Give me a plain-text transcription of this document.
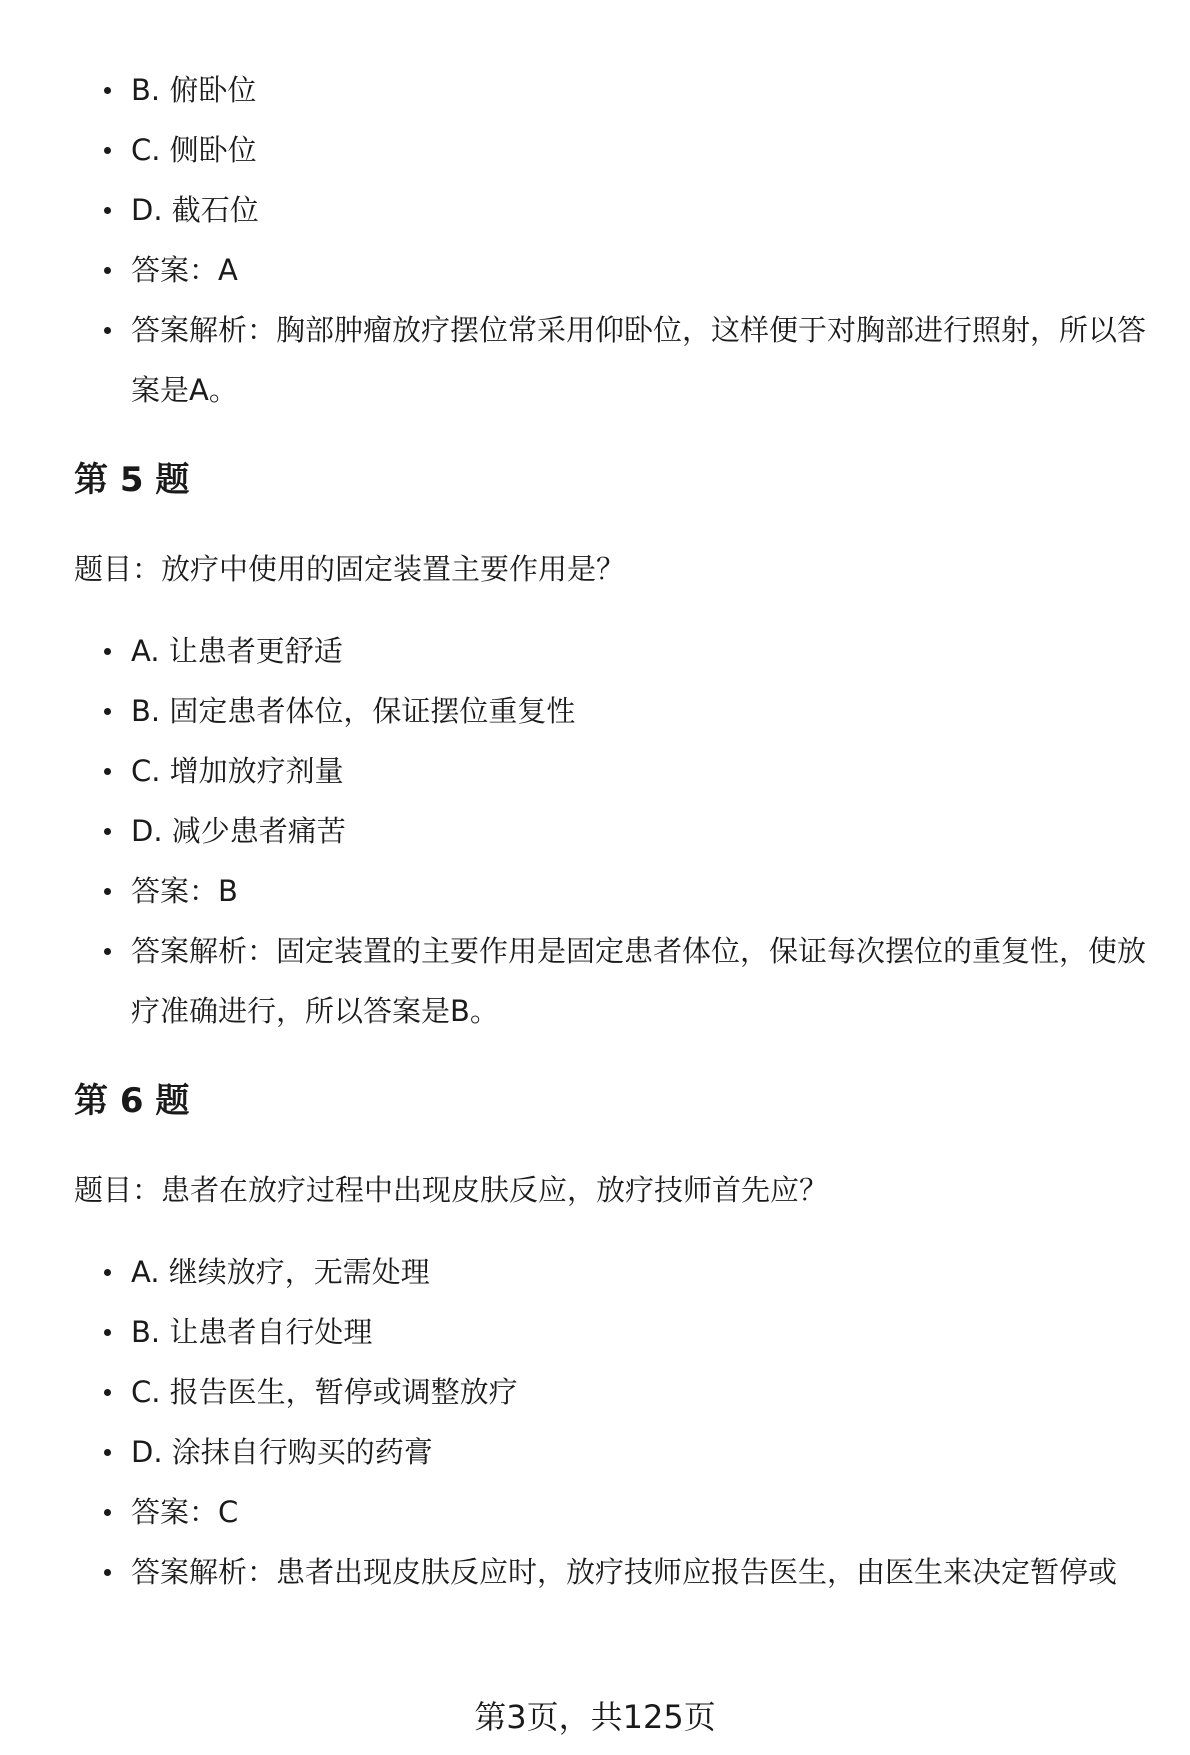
B. 俯卧位
C. 侧卧位
D. 截石位
答案：A
答案解析：胸部肿瘤放疗摆位常采用仰卧位，这样便于对胸部进行照射，所以答案是A。
第 5 题

题目：放疗中使用的固定装置主要作用是？

A. 让患者更舒适
B. 固定患者体位，保证摆位重复性
C. 增加放疗剂量
D. 减少患者痛苦
答案：B
答案解析：固定装置的主要作用是固定患者体位，保证每次摆位的重复性，使放疗准确进行，所以答案是B。
第 6 题

题目：患者在放疗过程中出现皮肤反应，放疗技师首先应？

A. 继续放疗，无需处理
B. 让患者自行处理
C. 报告医生，暂停或调整放疗
D. 涂抹自行购买的药膏
答案：C
答案解析：患者出现皮肤反应时，放疗技师应报告医生，由医生来决定暂停或
第3页，共125页
